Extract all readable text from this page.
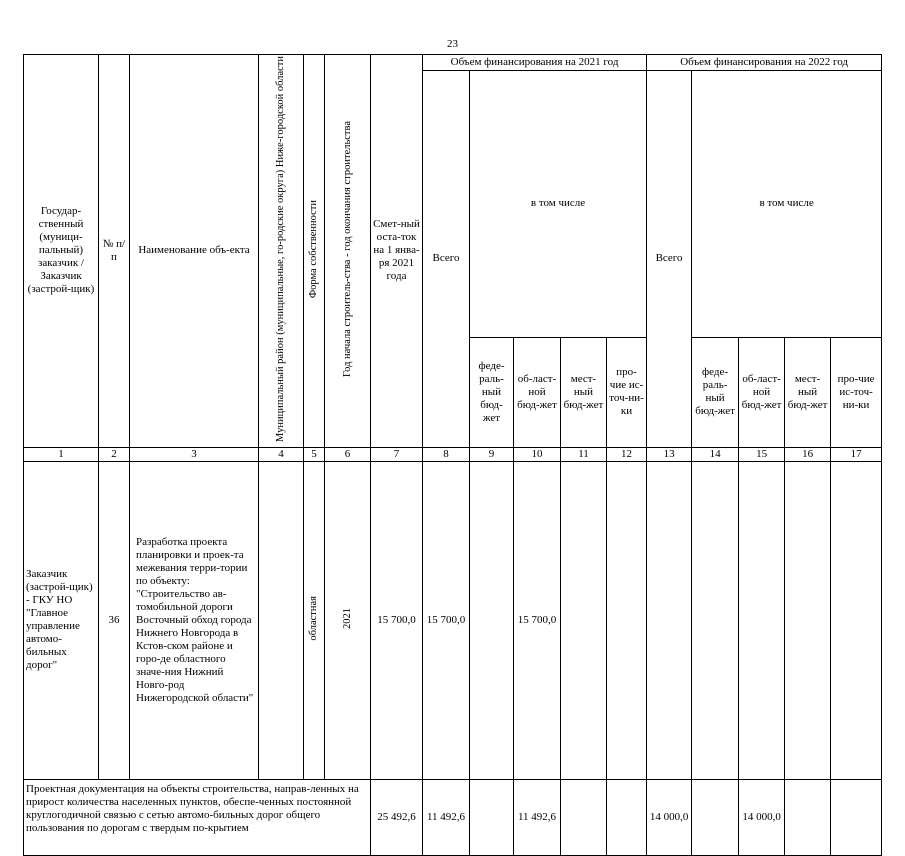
23
Государ-ственный (муници-пальный) заказчик / Заказчик (застрой-щик)	№ п/п	Наименование объ-екта	Муниципальный район (муниципальные, го-родские округа) Ниже-городской области	Форма собственности	Год начала строитель-ства - год окончания строительства	Смет-ный оста-ток на 1 янва-ря 2021 года	Объем финансирования на 2021 год					Объем финансирования на 2022 год				
							Всего	в том числе				Всего	в том числе			
								феде-раль-ный бюд-жет	об-ласт-ной бюд-жет	мест-ный бюд-жет	про-чие ис-точ-ни-ки		феде-раль-ный бюд-жет	об-ласт-ной бюд-жет	мест-ный бюд-жет	про-чие ис-точ-ни-ки
1	2	3	4	5	6	7	8	9	10	11	12	13	14	15	16	17
Заказчик (застрой-щик) - ГКУ НО "Главное управление автомо-бильных дорог"	36	Разработка проекта планировки и проек-та межевания терри-тории по объекту: "Строительство ав-томобильной дороги Восточный обход города Нижнего Новгорода в Кстов-ском районе и горо-де областного значе-ния Нижний Новго-род Нижегородской области"		областная	2021	15 700,0	15 700,0		15 700,0							
Проектная документация на объекты строительства, направ-ленных на прирост количества населенных пунктов, обеспе-ченных постоянной круглогодичной связью с сетью автомо-бильных дорог общего пользования по дорогам с твердым по-крытием						25 492,6	11 492,6		11 492,6			14 000,0		14 000,0		
